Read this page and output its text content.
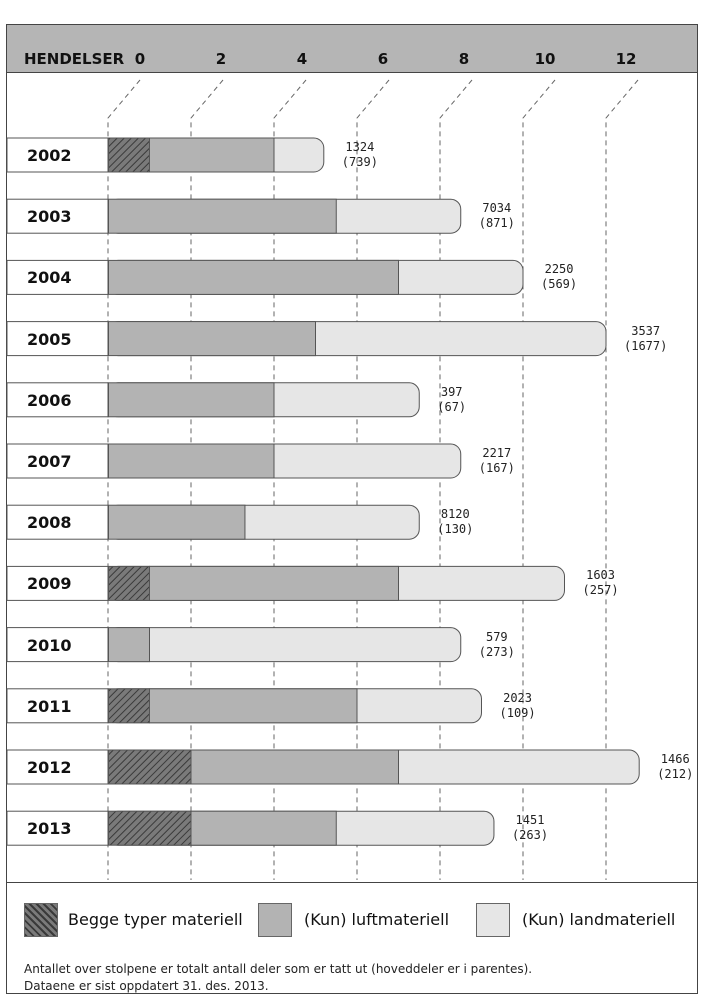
HENDELSER 0	2	4	6	8	10	12
2002	1324
(739)
2003	7034
(871)
2004	2250
(569)
2005	3537
(1677)
2006	397
(67)
2007	2217
(167)
2008	8120
(130)
2009	1603
(257)
2010	579
(273)
2011	2023
(109)
2012	1466
(212)
2013	1451
(263)
Begge typer materiell	(Kun) luftmateriell	(Kun) landmateriell
Antallet over stolpene er totalt antall deler som er tatt ut (hoveddeler er i parentes).
Dataene er sist oppdatert 31. des. 2013.
